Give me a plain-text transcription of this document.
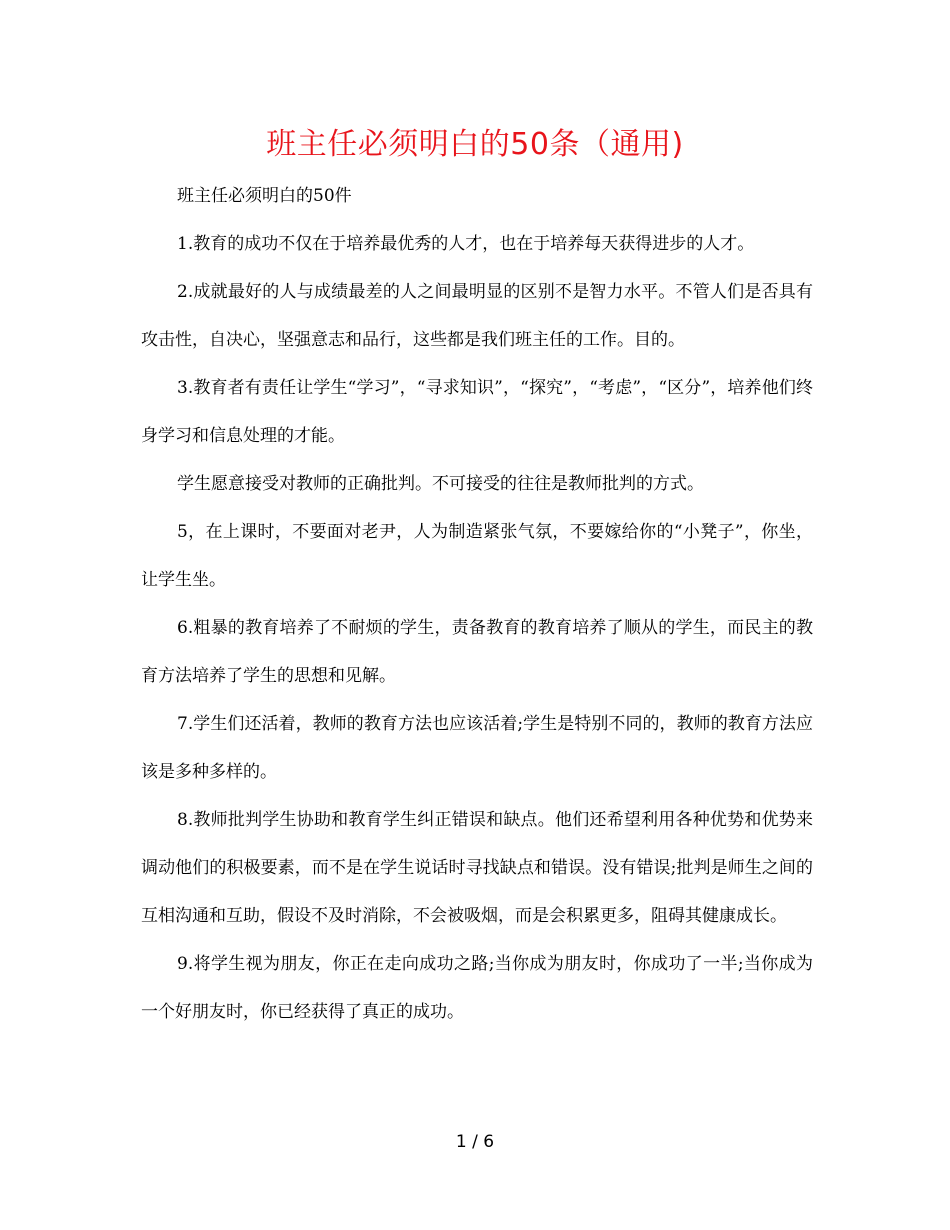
班主任必须明白的50条（通用)

班主任必须明白的50件

1.教育的成功不仅在于培养最优秀的人才，也在于培养每天获得进步的人才。

2.成就最好的人与成绩最差的人之间最明显的区别不是智力水平。不管人们是否具有攻击性，自决心，坚强意志和品行，这些都是我们班主任的工作。目的。

3.教育者有责任让学生“学习”，“寻求知识”，“探究”，“考虑”，“区分”，培养他们终身学习和信息处理的才能。

学生愿意接受对教师的正确批判。不可接受的往往是教师批判的方式。

5，在上课时，不要面对老尹，人为制造紧张气氛，不要嫁给你的“小凳子”，你坐，让学生坐。

6.粗暴的教育培养了不耐烦的学生，责备教育的教育培养了顺从的学生，而民主的教育方法培养了学生的思想和见解。

7.学生们还活着，教师的教育方法也应该活着;学生是特别不同的，教师的教育方法应该是多种多样的。

8.教师批判学生协助和教育学生纠正错误和缺点。他们还希望利用各种优势和优势来调动他们的积极要素，而不是在学生说话时寻找缺点和错误。没有错误;批判是师生之间的互相沟通和互助，假设不及时消除，不会被吸烟，而是会积累更多，阻碍其健康成长。

9.将学生视为朋友，你正在走向成功之路;当你成为朋友时，你成功了一半;当你成为一个好朋友时，你已经获得了真正的成功。

1 / 6
